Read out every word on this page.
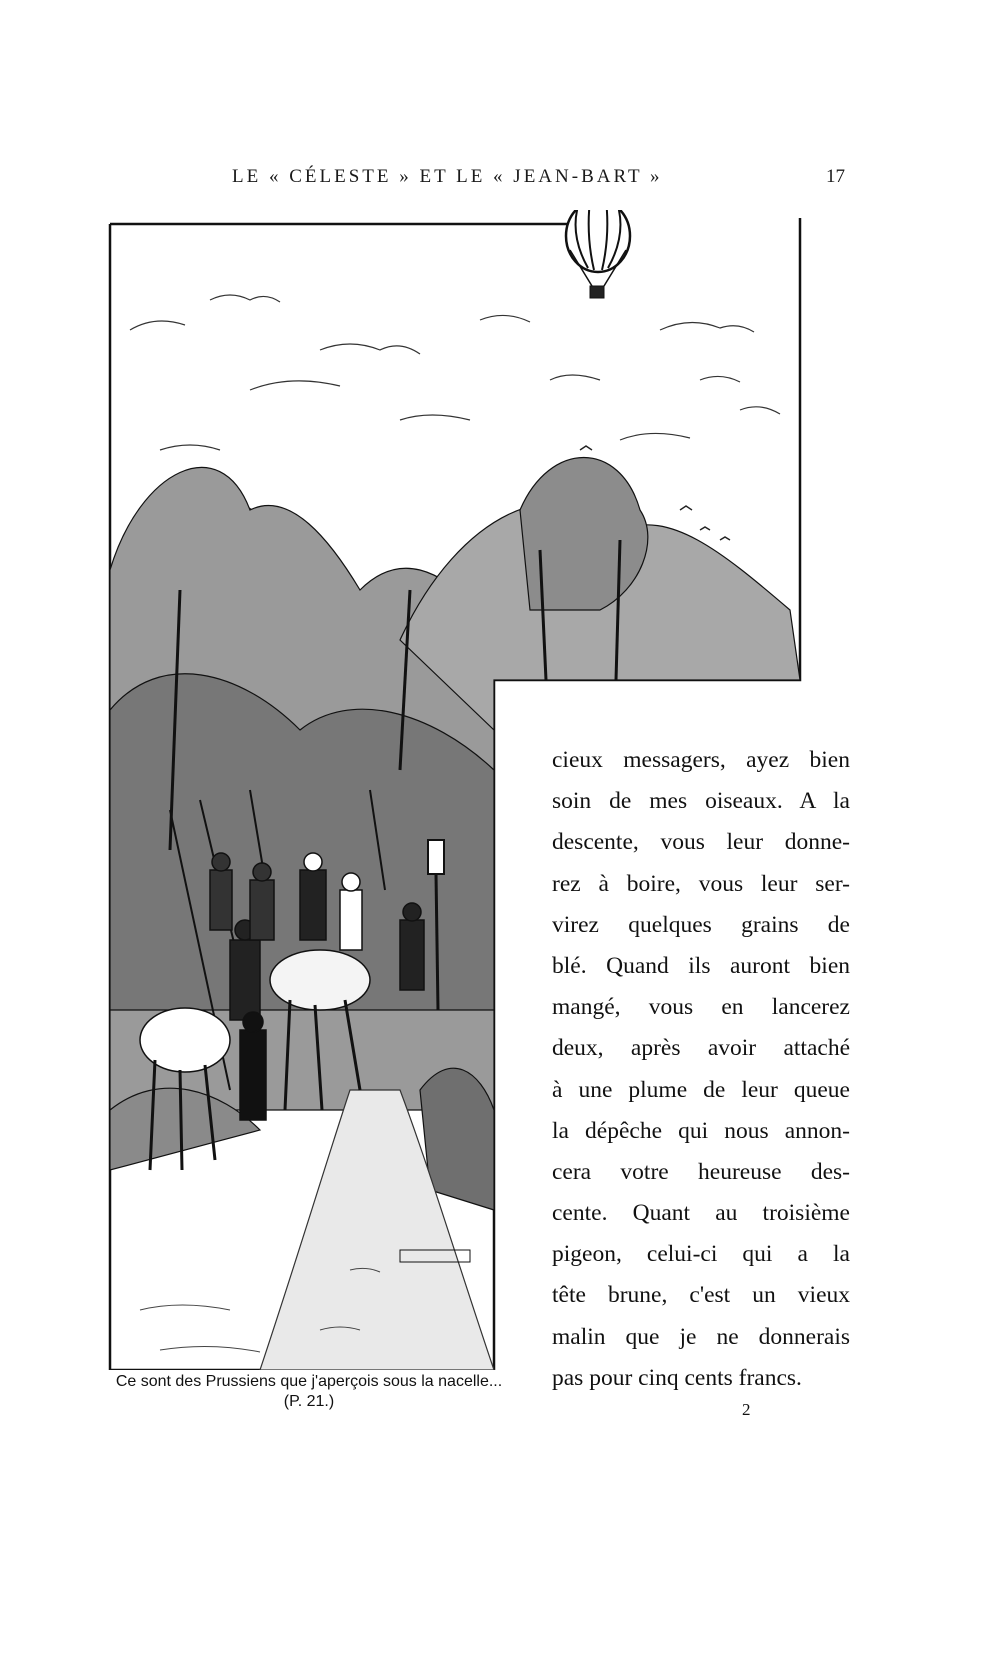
LE « CÉLESTE » ET LE « JEAN-BART »	17
Ce sont des Prussiens que j'aperçois sous la nacelle...
(P. 21.)
cieux messagers, ayez bien
soin de mes oiseaux. A la
descente, vous leur donne-
rez à boire, vous leur ser-
virez quelques grains de
blé. Quand ils auront bien
mangé, vous en lancerez
deux, après avoir attaché
à une plume de leur queue
la dépêche qui nous annon-
cera votre heureuse des-
cente. Quant au troisième
pigeon, celui-ci qui a la
tête brune, c'est un vieux
malin que je ne donnerais
pas pour cinq cents francs.
2
